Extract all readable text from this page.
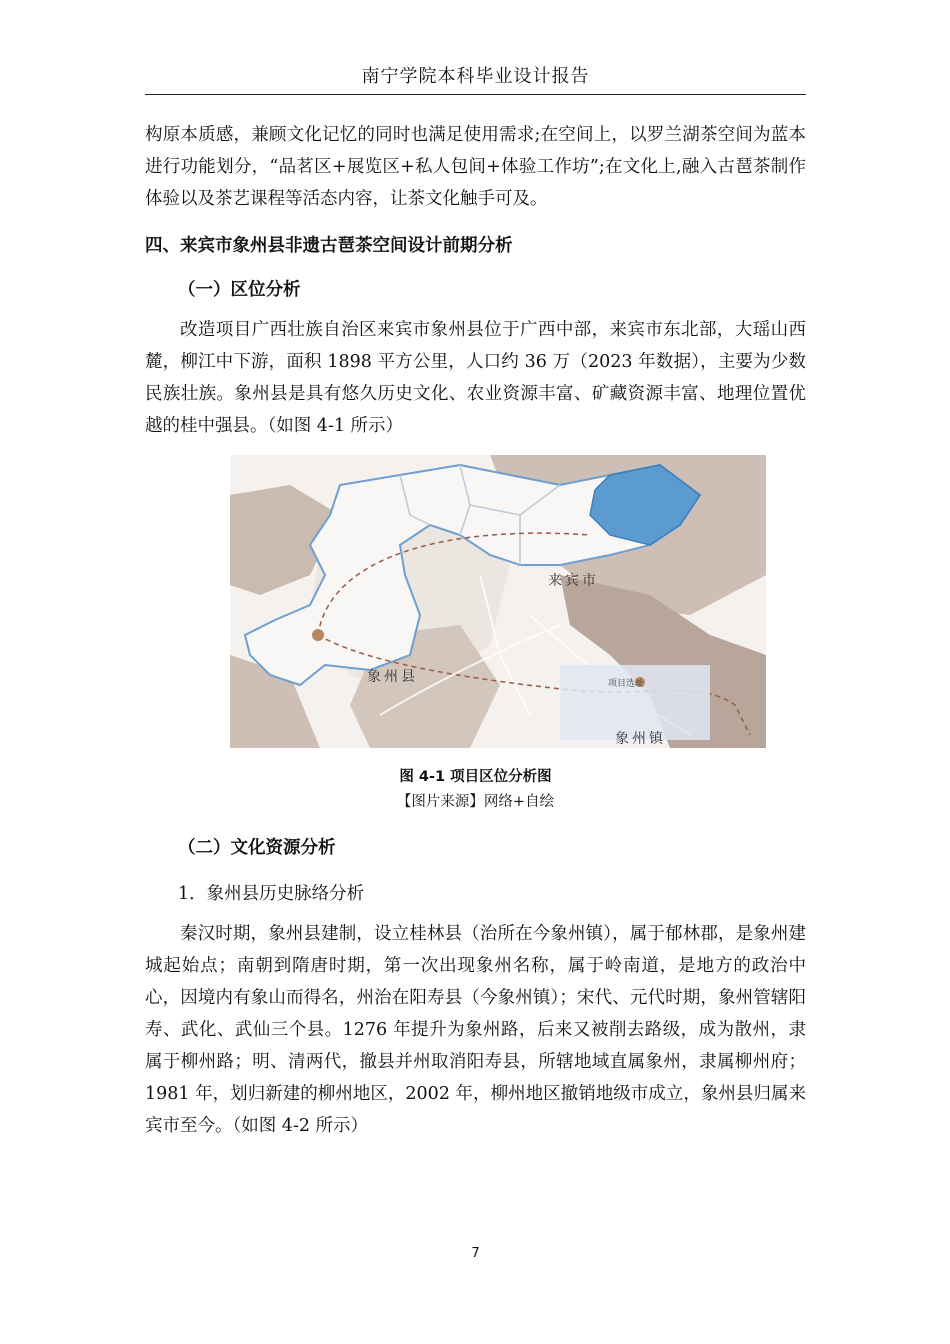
南宁学院本科毕业设计报告

构原本质感，兼顾文化记忆的同时也满足使用需求;在空间上，以罗兰湖茶空间为蓝本进行功能划分，“品茗区+展览区+私人包间+体验工作坊”;在文化上,融入古琶茶制作体验以及茶艺课程等活态内容，让茶文化触手可及。

四、来宾市象州县非遗古琶茶空间设计前期分析

（一）区位分析

改造项目广西壮族自治区来宾市象州县位于广西中部，来宾市东北部，大瑶山西麓，柳江中下游，面积 1898 平方公里，人口约 36 万（2023 年数据），主要为少数民族壮族。象州县是具有悠久历史文化、农业资源丰富、矿藏资源丰富、地理位置优越的桂中强县。（如图 4-1 所示）

项目选址
来宾市
象州县
象州镇

图 4-1 项目区位分析图

【图片来源】网络+自绘

（二）文化资源分析

1．象州县历史脉络分析

秦汉时期，象州县建制，设立桂林县（治所在今象州镇），属于郁林郡，是象州建城起始点；南朝到隋唐时期，第一次出现象州名称，属于岭南道，是地方的政治中心，因境内有象山而得名，州治在阳寿县（今象州镇）；宋代、元代时期，象州管辖阳寿、武化、武仙三个县。1276 年提升为象州路，后来又被削去路级，成为散州，隶属于柳州路；明、清两代，撤县并州取消阳寿县，所辖地域直属象州，隶属柳州府；1981 年，划归新建的柳州地区，2002 年，柳州地区撤销地级市成立，象州县归属来宾市至今。（如图 4-2 所示）

7
